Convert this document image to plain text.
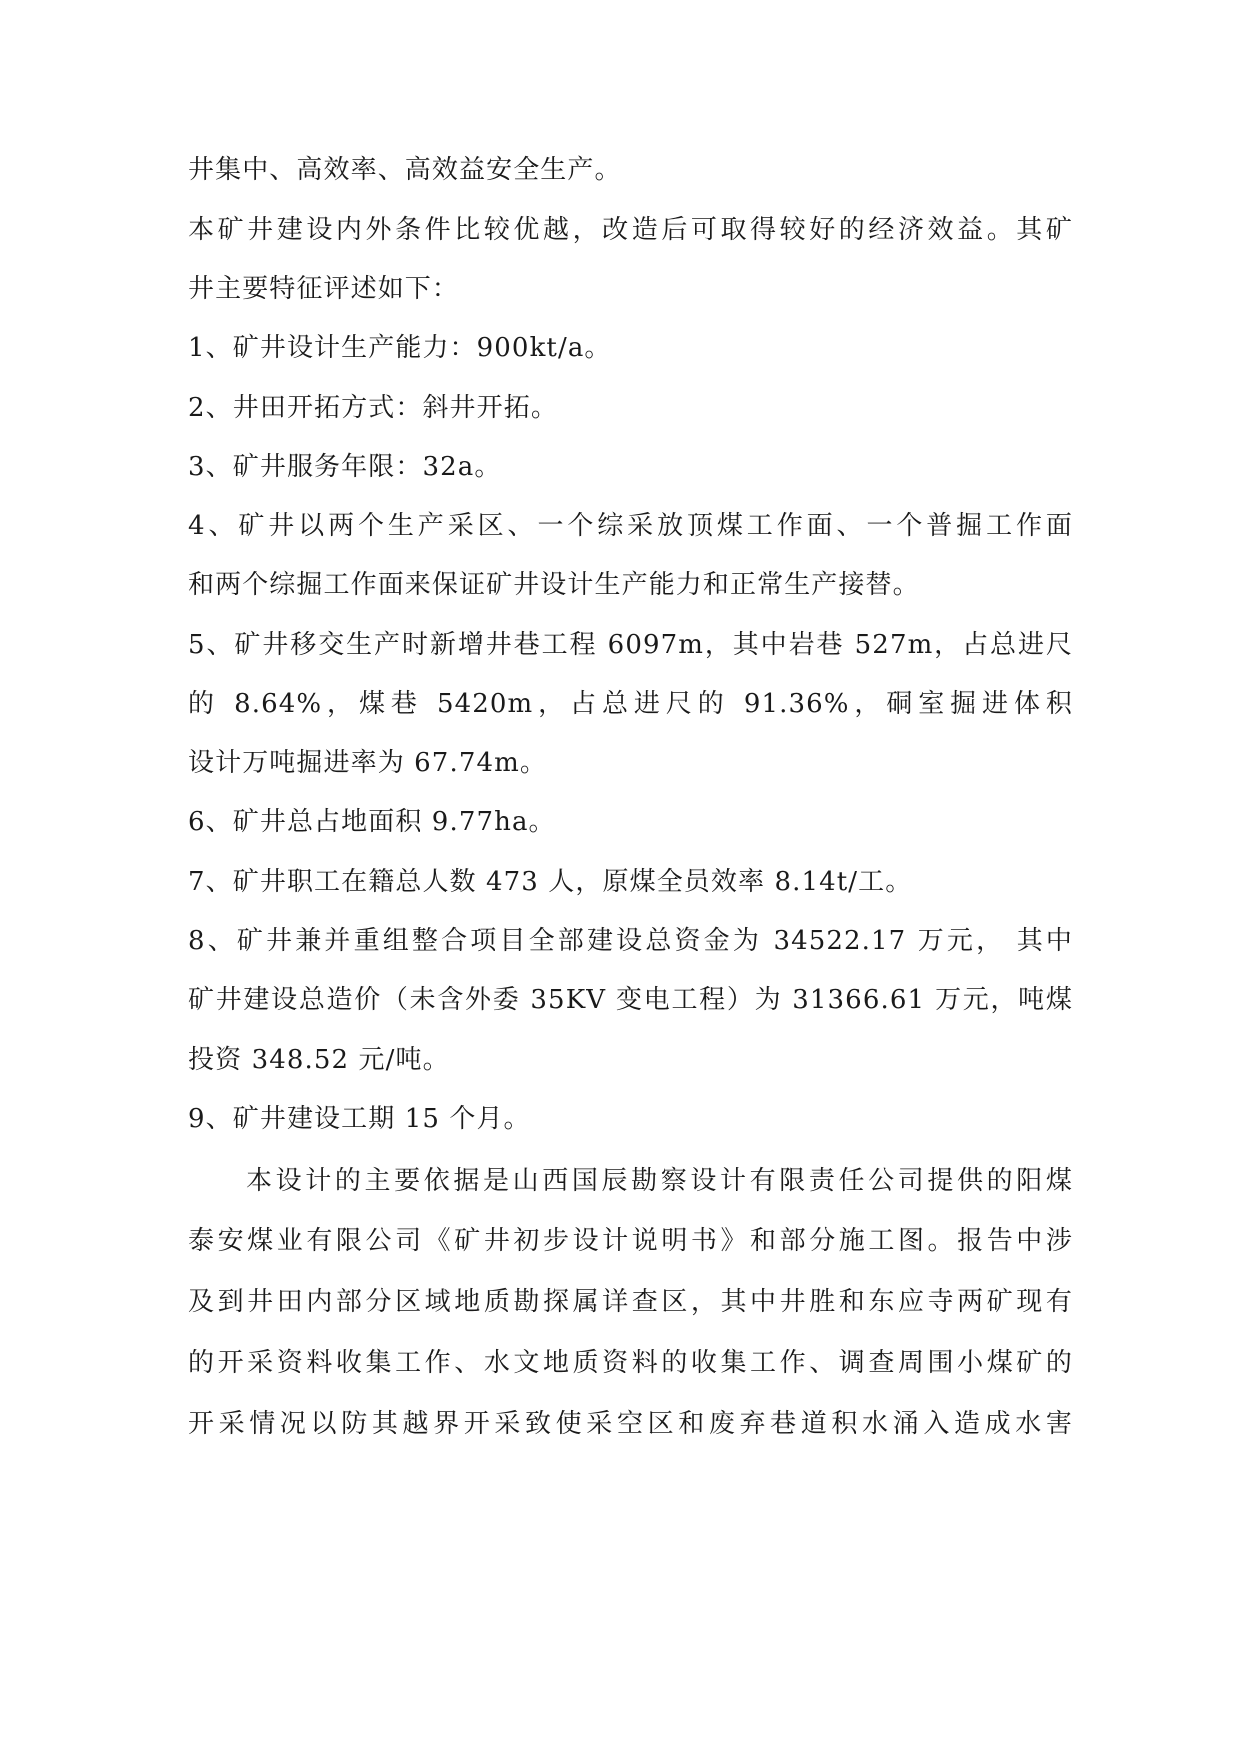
井集中、高效率、高效益安全生产。

本矿井建设内外条件比较优越，改造后可取得较好的经济效益。其矿

井主要特征评述如下：

1、矿井设计生产能力：900kt/a。

2、井田开拓方式：斜井开拓。

3、矿井服务年限：32a。

4、矿井以两个生产采区、一个综采放顶煤工作面、一个普掘工作面

和两个综掘工作面来保证矿井设计生产能力和正常生产接替。

5、矿井移交生产时新增井巷工程 6097m，其中岩巷 527m，占总进尺

的 8.64%，煤巷 5420m，占总进尺的 91.36%，硐室掘进体积

设计万吨掘进率为 67.74m。

6、矿井总占地面积 9.77ha。

7、矿井职工在籍总人数 473 人，原煤全员效率 8.14t/工。

8、矿井兼并重组整合项目全部建设总资金为 34522.17 万元， 其中

矿井建设总造价（未含外委 35KV 变电工程）为 31366.61 万元，吨煤

投资 348.52 元/吨。

9、矿井建设工期 15 个月。

本设计的主要依据是山西国辰勘察设计有限责任公司提供的阳煤

泰安煤业有限公司《矿井初步设计说明书》和部分施工图。报告中涉

及到井田内部分区域地质勘探属详查区，其中井胜和东应寺两矿现有

的开采资料收集工作、水文地质资料的收集工作、调查周围小煤矿的

开采情况以防其越界开采致使采空区和废弃巷道积水涌入造成水害
